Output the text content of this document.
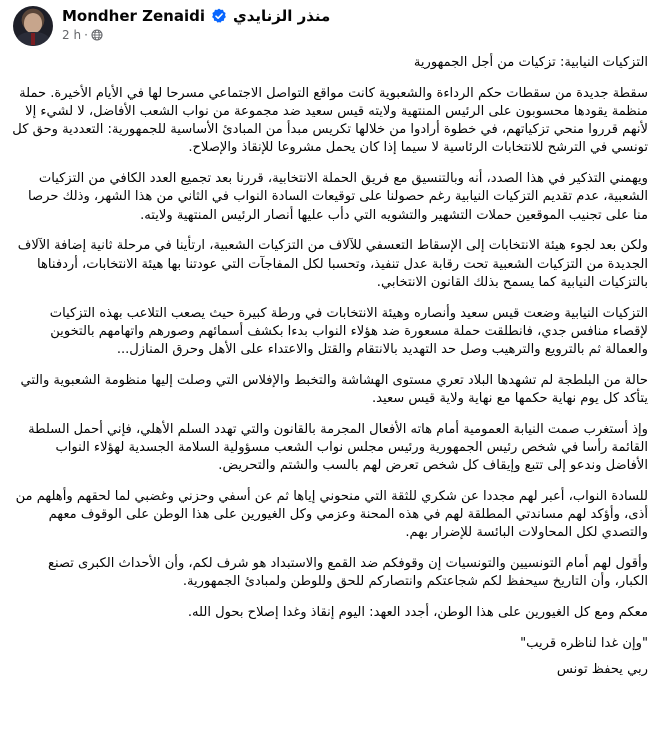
Mondher Zenaidi منذر الزنايدي
2 h ·

التزكيات النيابية: تزكيات من أجل الجمهورية

سقطة جديدة من سقطات حكم الرداءة والشعبوية كانت مواقع التواصل الاجتماعي مسرحا لها في الأيام الأخيرة. حملة منظمة يقودها محسوبون على الرئيس المنتهية ولايته قيس سعيد ضد مجموعة من نواب الشعب الأفاضل، لا لشيء إلا لأنهم قرروا منحي تزكياتهم، في خطوة أرادوا من خلالها تكريس مبدأ من المبادئ الأساسية للجمهورية: التعددية وحق كل تونسي في الترشح للانتخابات الرئاسية لا سيما إذا كان يحمل مشروعا للإنقاذ والإصلاح.

ويهمني التذكير في هذا الصدد، أنه وبالتنسيق مع فريق الحملة الانتخابية، قررنا بعد تجميع العدد الكافي من التزكيات الشعبية، عدم تقديم التزكيات النيابية رغم حصولنا على توقيعات السادة النواب في الثاني من هذا الشهر، وذلك حرصا منا على تجنيب الموقعين حملات التشهير والتشويه التي دأب عليها أنصار الرئيس المنتهية ولايته.

ولكن بعد لجوء هيئة الانتخابات إلى الإسقاط التعسفي للآلاف من التزكيات الشعبية، ارتأينا في مرحلة ثانية إضافة الآلاف الجديدة من التزكيات الشعبية تحت رقابة عدل تنفيذ، وتحسبا لكل المفاجآت التي عودتنا بها هيئة الانتخابات، أردفناها بالتزكيات النيابية كما يسمح بذلك القانون الانتخابي.

التزكيات النيابية وضعت قيس سعيد وأنصاره وهيئة الانتخابات في ورطة كبيرة حيث يصعب التلاعب بهذه التزكيات لإقصاء منافس جدي، فانطلقت حملة مسعورة ضد هؤلاء النواب بدءا بكشف أسمائهم وصورهم واتهامهم بالتخوين والعمالة ثم بالترويع والترهيب وصل حد التهديد بالانتقام والقتل والاعتداء على الأهل وحرق المنازل...

حالة من البلطجة لم تشهدها البلاد تعري مستوى الهشاشة والتخبط والإفلاس التي وصلت إليها منظومة الشعبوية والتي يتأكد كل يوم نهاية حكمها مع نهاية ولاية قيس سعيد.

وإذ أستغرب صمت النيابة العمومية أمام هاته الأفعال المجرمة بالقانون والتي تهدد السلم الأهلي، فإني أحمل السلطة القائمة رأسا في شخص رئيس الجمهورية ورئيس مجلس نواب الشعب مسؤولية السلامة الجسدية لهؤلاء النواب الأفاضل وندعو إلى تتبع وإيقاف كل شخص تعرض لهم بالسب والشتم والتحريض.

للسادة النواب، أعبر لهم مجددا عن شكري للثقة التي منحوني إياها ثم عن أسفي وحزني وغضبي لما لحقهم وأهلهم من أذى، وأؤكد لهم مساندتي المطلقة لهم في هذه المحنة وعزمي وكل الغيورين على هذا الوطن على الوقوف معهم والتصدي لكل المحاولات البائسة للإضرار بهم.

وأقول لهم أمام التونسيين والتونسيات إن وقوفكم ضد القمع والاستبداد هو شرف لكم، وأن الأحداث الكبرى تصنع الكبار، وأن التاريخ سيحفظ لكم شجاعتكم وانتصاركم للحق وللوطن ولمبادئ الجمهورية.

معكم ومع كل الغيورين على هذا الوطن، أجدد العهد: اليوم إنقاذ وغدا إصلاح بحول الله.

"وإن غدا لناظره قريب"

ربي يحفظ تونس
